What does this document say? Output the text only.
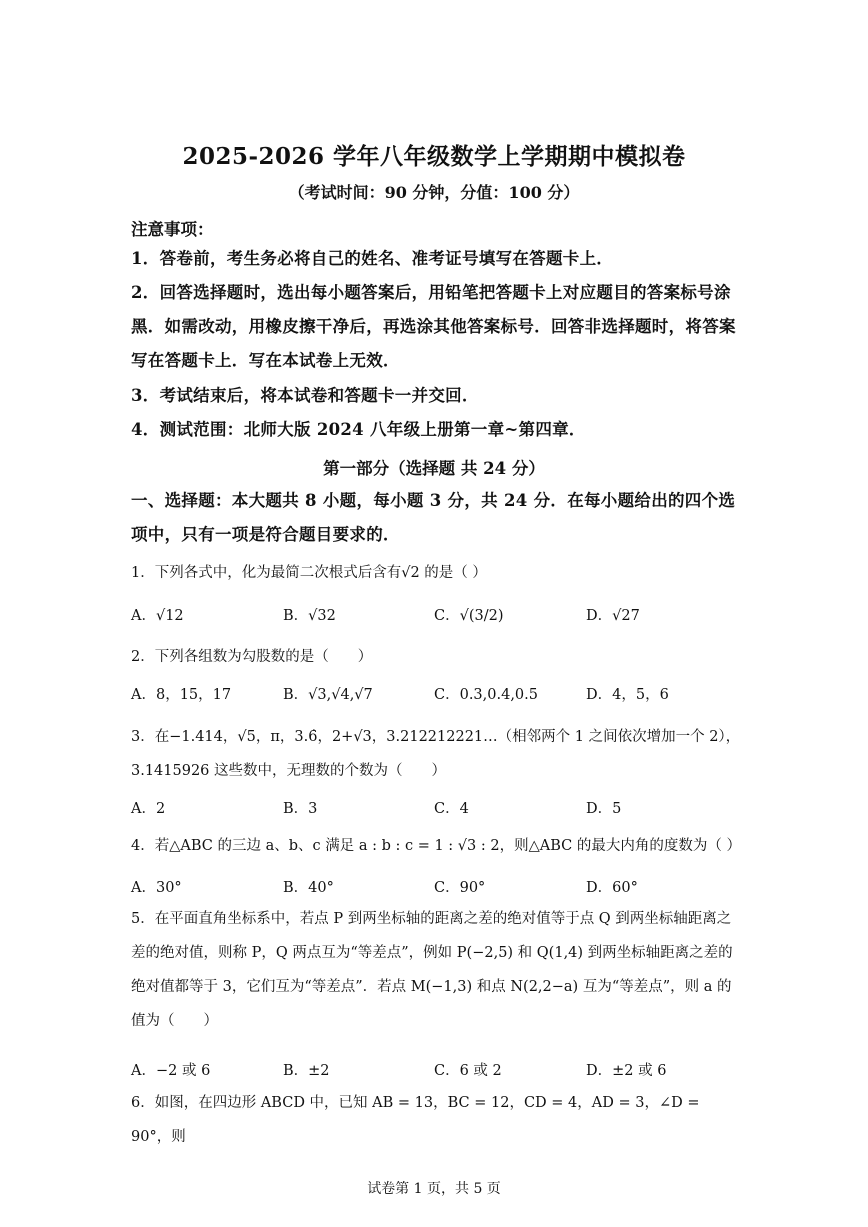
2025-2026 学年八年级数学上学期期中模拟卷
（考试时间：90 分钟，分值：100 分）
注意事项：
1．答卷前，考生务必将自己的姓名、准考证号填写在答题卡上．
2．回答选择题时，选出每小题答案后，用铅笔把答题卡上对应题目的答案标号涂黑．如需改动，用橡皮擦干净后，再选涂其他答案标号．回答非选择题时，将答案写在答题卡上．写在本试卷上无效．
3．考试结束后，将本试卷和答题卡一并交回．
4．测试范围：北师大版 2024 八年级上册第一章~第四章．
第一部分（选择题 共 24 分）
一、选择题：本大题共 8 小题，每小题 3 分，共 24 分．在每小题给出的四个选项中，只有一项是符合题目要求的．
1．下列各式中，化为最简二次根式后含有√2 的是（ ）
A．√12	B．√32	C．√(3/2)	D．√27
2．下列各组数为勾股数的是（　　）
A．8，15，17	B．√3,√4,√7	C．0.3,0.4,0.5	D．4，5，6
3．在−1.414，√5，π，3.6̇，2+√3，3.212212221…（相邻两个 1 之间依次增加一个 2），3.1415926 这些数中，无理数的个数为（　　）
A．2	B．3	C．4	D．5
4．若△ABC 的三边 a、b、c 满足 a : b : c = 1 : √3 : 2，则△ABC 的最大内角的度数为（ ）
A．30°	B．40°	C．90°	D．60°
5．在平面直角坐标系中，若点 P 到两坐标轴的距离之差的绝对值等于点 Q 到两坐标轴距离之差的绝对值，则称 P，Q 两点互为“等差点”，例如 P(−2,5) 和 Q(1,4) 到两坐标轴距离之差的绝对值都等于 3，它们互为“等差点”．若点 M(−1,3) 和点 N(2,2−a) 互为“等差点”，则 a 的值为（　　）
A．−2 或 6	B．±2	C．6 或 2	D．±2 或 6
6．如图，在四边形 ABCD 中，已知 AB = 13，BC = 12，CD = 4，AD = 3，∠D = 90°，则
试卷第 1 页，共 5 页
